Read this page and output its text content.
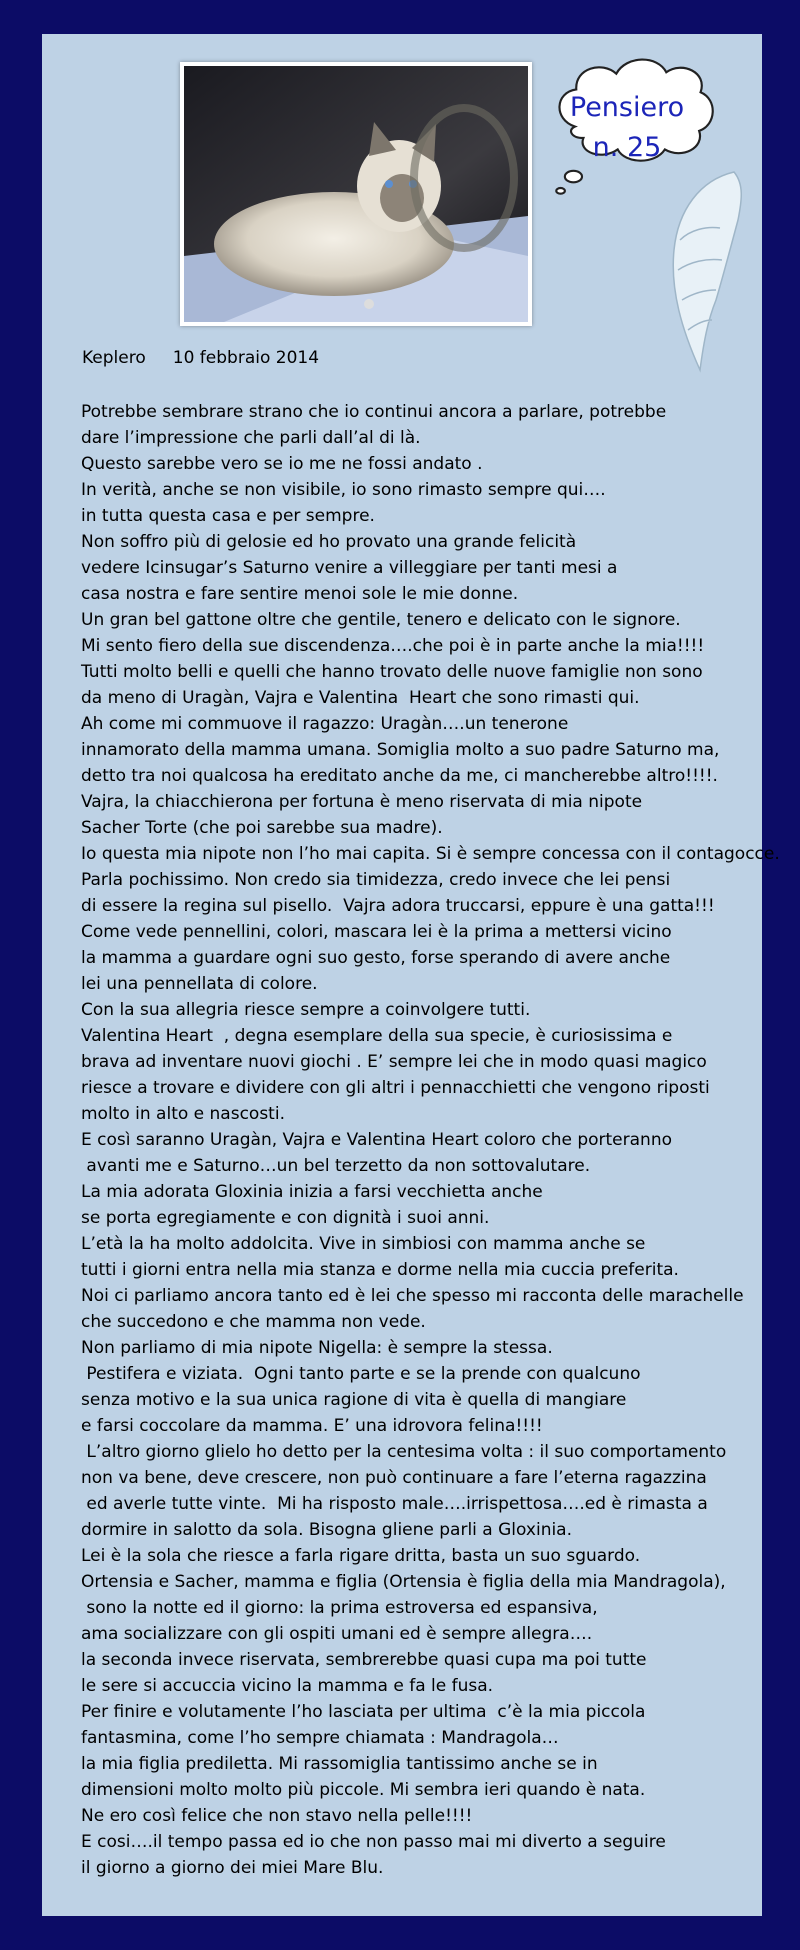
Pensiero
n. 25
Keplero     10 febbraio 2014
Potrebbe sembrare strano che io continui ancora a parlare, potrebbe
dare l’impressione che parli dall’al di là.
Questo sarebbe vero se io me ne fossi andato .
In verità, anche se non visibile, io sono rimasto sempre qui….
in tutta questa casa e per sempre.
Non soffro più di gelosie ed ho provato una grande felicità
vedere Icinsugar’s Saturno venire a villeggiare per tanti mesi a
casa nostra e fare sentire menoi sole le mie donne.
Un gran bel gattone oltre che gentile, tenero e delicato con le signore.
Mi sento fiero della sue discendenza….che poi è in parte anche la mia!!!!
Tutti molto belli e quelli che hanno trovato delle nuove famiglie non sono
da meno di Uragàn, Vajra e Valentina  Heart che sono rimasti qui.
Ah come mi commuove il ragazzo: Uragàn….un tenerone
innamorato della mamma umana. Somiglia molto a suo padre Saturno ma,
detto tra noi qualcosa ha ereditato anche da me, ci mancherebbe altro!!!!.
Vajra, la chiacchierona per fortuna è meno riservata di mia nipote
Sacher Torte (che poi sarebbe sua madre).
Io questa mia nipote non l’ho mai capita. Si è sempre concessa con il contagocce.
Parla pochissimo. Non credo sia timidezza, credo invece che lei pensi
di essere la regina sul pisello.  Vajra adora truccarsi, eppure è una gatta!!!
Come vede pennellini, colori, mascara lei è la prima a mettersi vicino
la mamma a guardare ogni suo gesto, forse sperando di avere anche
lei una pennellata di colore.
Con la sua allegria riesce sempre a coinvolgere tutti.
Valentina Heart  , degna esemplare della sua specie, è curiosissima e
brava ad inventare nuovi giochi . E’ sempre lei che in modo quasi magico
riesce a trovare e dividere con gli altri i pennacchietti che vengono riposti
molto in alto e nascosti.
E così saranno Uragàn, Vajra e Valentina Heart coloro che porteranno
avanti me e Saturno…un bel terzetto da non sottovalutare.
La mia adorata Gloxinia inizia a farsi vecchietta anche
se porta egregiamente e con dignità i suoi anni.
L’età la ha molto addolcita. Vive in simbiosi con mamma anche se
tutti i giorni entra nella mia stanza e dorme nella mia cuccia preferita.
Noi ci parliamo ancora tanto ed è lei che spesso mi racconta delle marachelle
che succedono e che mamma non vede.
Non parliamo di mia nipote Nigella: è sempre la stessa.
Pestifera e viziata.  Ogni tanto parte e se la prende con qualcuno
senza motivo e la sua unica ragione di vita è quella di mangiare
e farsi coccolare da mamma. E’ una idrovora felina!!!!
L’altro giorno glielo ho detto per la centesima volta : il suo comportamento
non va bene, deve crescere, non può continuare a fare l’eterna ragazzina
ed averle tutte vinte.  Mi ha risposto male….irrispettosa….ed è rimasta a
dormire in salotto da sola. Bisogna gliene parli a Gloxinia.
Lei è la sola che riesce a farla rigare dritta, basta un suo sguardo.
Ortensia e Sacher, mamma e figlia (Ortensia è figlia della mia Mandragola),
sono la notte ed il giorno: la prima estroversa ed espansiva,
ama socializzare con gli ospiti umani ed è sempre allegra….
la seconda invece riservata, sembrerebbe quasi cupa ma poi tutte
le sere si accuccia vicino la mamma e fa le fusa.
Per finire e volutamente l’ho lasciata per ultima  c’è la mia piccola
fantasmina, come l’ho sempre chiamata : Mandragola…
la mia figlia prediletta. Mi rassomiglia tantissimo anche se in
dimensioni molto molto più piccole. Mi sembra ieri quando è nata.
Ne ero così felice che non stavo nella pelle!!!!
E cosi….il tempo passa ed io che non passo mai mi diverto a seguire
il giorno a giorno dei miei Mare Blu.
